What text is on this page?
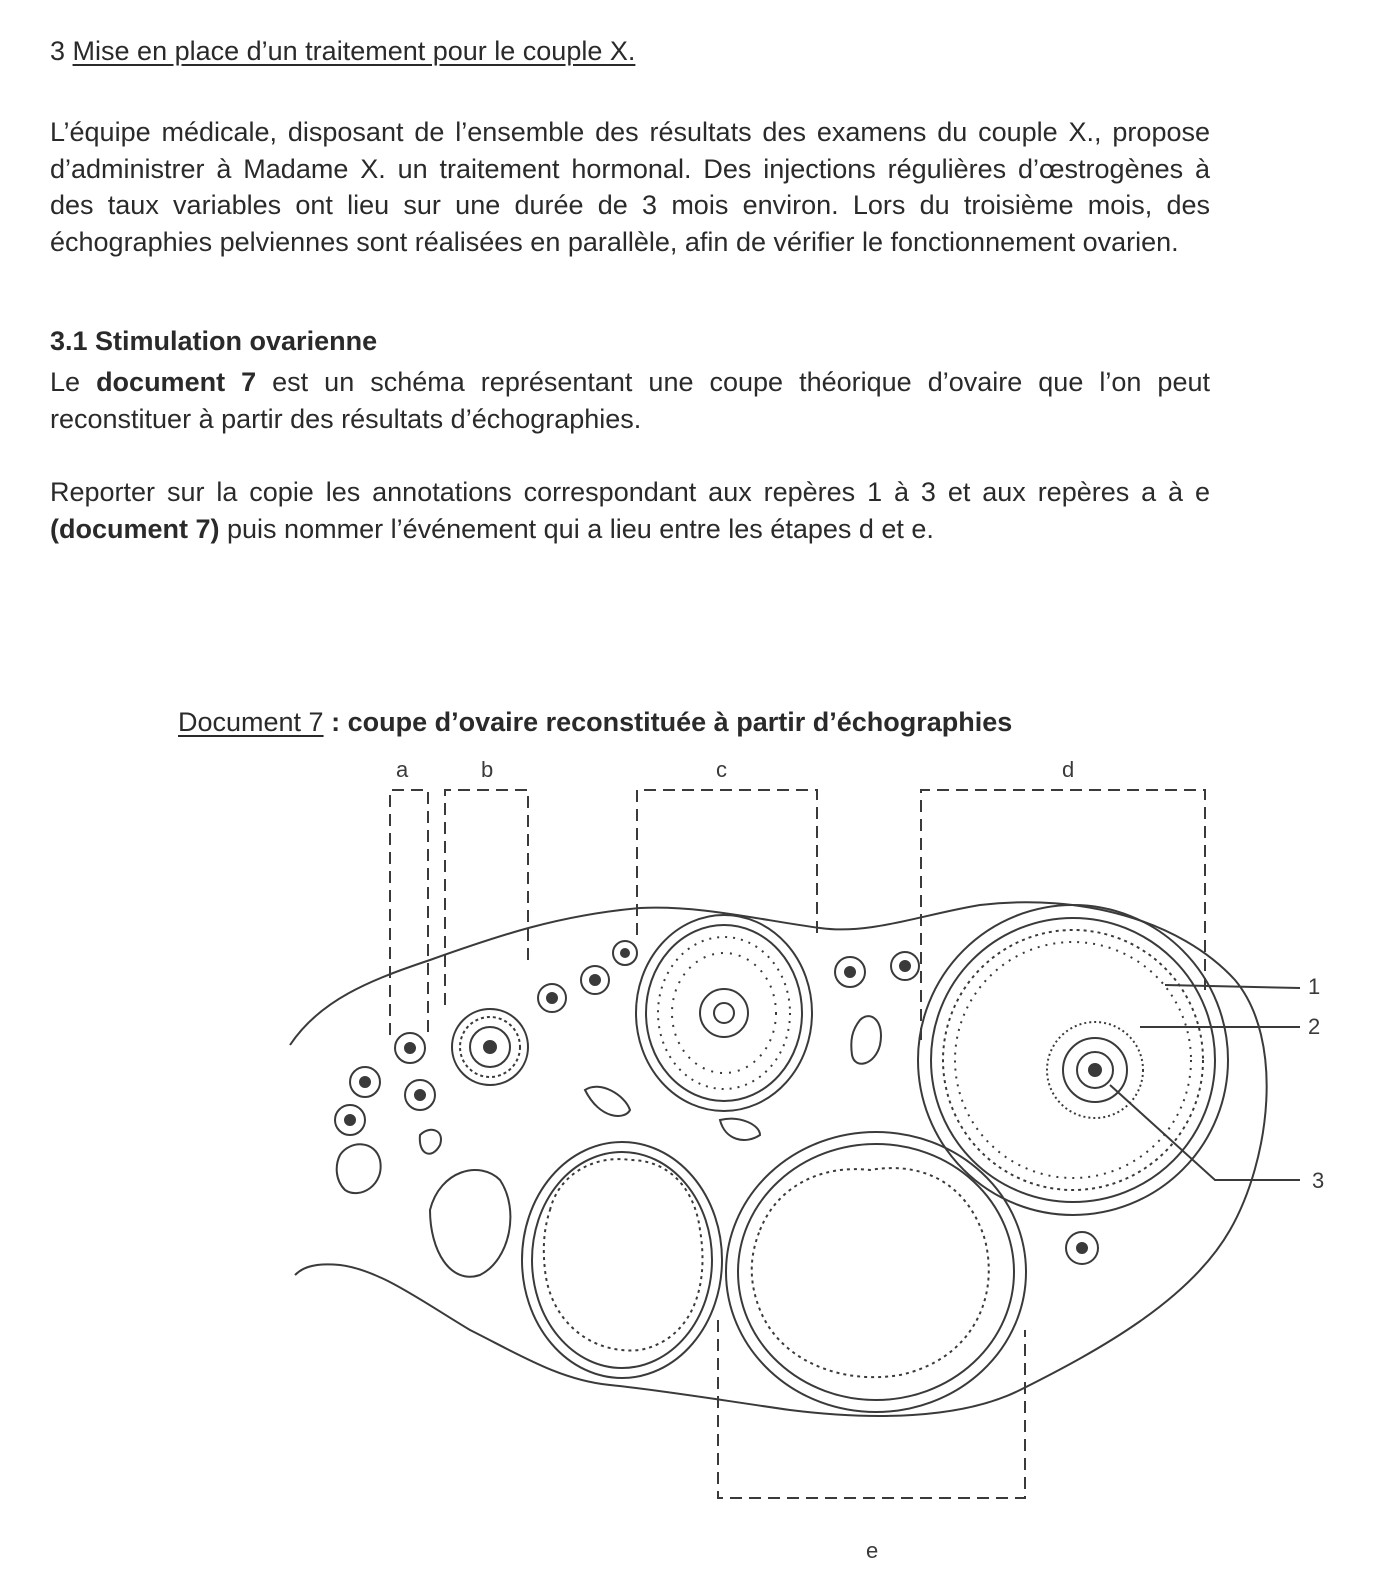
3 Mise en place d’un traitement pour le couple X.

L’équipe médicale, disposant de l’ensemble des résultats des examens du couple X., propose d’administrer à Madame X. un traitement hormonal. Des injections régulières d’œstrogènes à des taux variables ont lieu sur une durée de 3 mois environ. Lors du troisième mois, des échographies pelviennes sont réalisées en parallèle, afin de vérifier le fonctionnement ovarien.

3.1 Stimulation ovarienne

Le document 7 est un schéma représentant une coupe théorique d’ovaire que l’on peut reconstituer à partir des résultats d’échographies.

Reporter sur la copie les annotations correspondant aux repères 1 à 3 et aux repères a à e (document 7) puis nommer l’événement qui a lieu entre les étapes d et e.

Document 7 : coupe d’ovaire reconstituée à partir d’échographies
a	b	c	d
e
1
2
3
